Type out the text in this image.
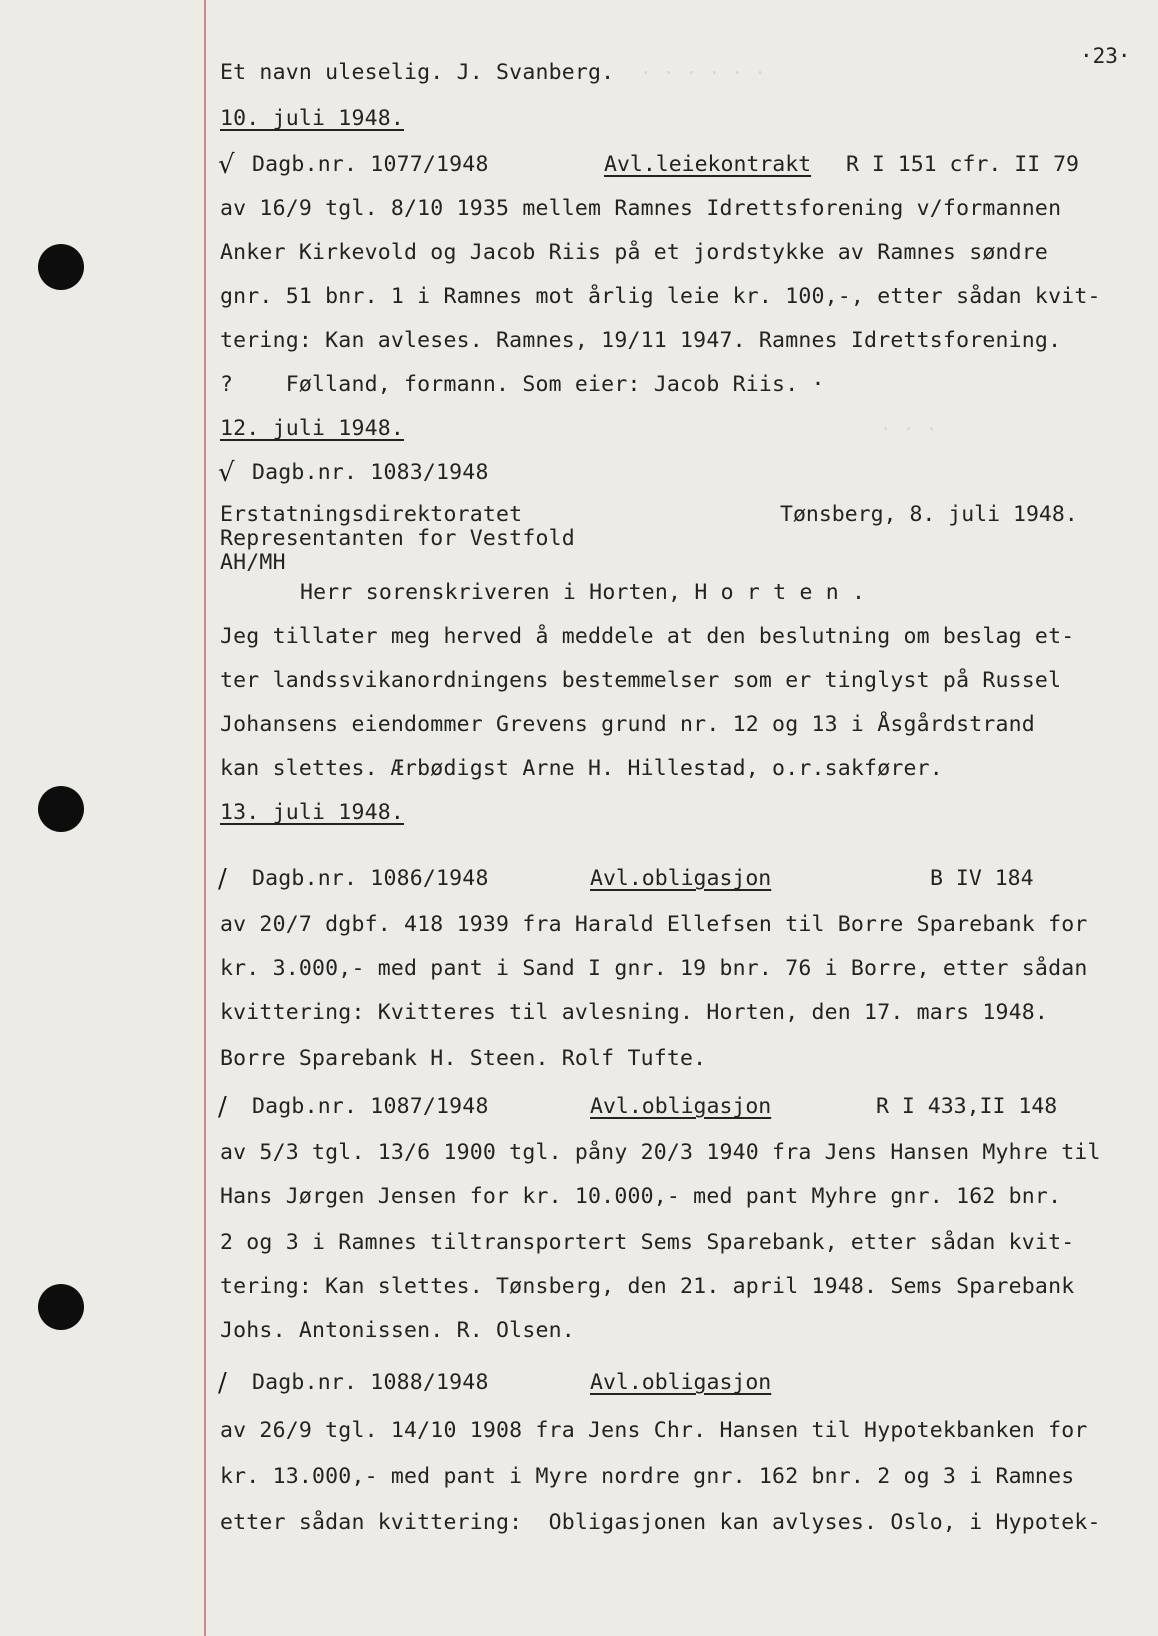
· · · · · ·
· · ·
·23·
Et navn uleselig. J. Svanberg.
10. juli 1948.
√ Dagb.nr. 1077/1948	Avl.leiekontrakt R I 151 cfr. II 79
av 16/9 tgl. 8/10 1935 mellem Ramnes Idrettsforening v/formannen
Anker Kirkevold og Jacob Riis på et jordstykke av Ramnes søndre
gnr. 51 bnr. 1 i Ramnes mot årlig leie kr. 100,-, etter sådan kvit-
tering: Kan avleses. Ramnes, 19/11 1947. Ramnes Idrettsforening.
?    Følland, formann. Som eier: Jacob Riis. ·
12. juli 1948.
√ Dagb.nr. 1083/1948
Erstatningsdirektoratet	Tønsberg, 8. juli 1948.
Representanten for Vestfold
AH/MH
Herr sorenskriveren i Horten, H o r t e n .
Jeg tillater meg herved å meddele at den beslutning om beslag et-
ter landssvikanordningens bestemmelser som er tinglyst på Russel
Johansens eiendommer Grevens grund nr. 12 og 13 i Åsgårdstrand
kan slettes. Ærbødigst Arne H. Hillestad, o.r.sakfører.
13. juli 1948.
/ Dagb.nr. 1086/1948	Avl.obligasjon	B IV 184
av 20/7 dgbf. 418 1939 fra Harald Ellefsen til Borre Sparebank for
kr. 3.000,- med pant i Sand I gnr. 19 bnr. 76 i Borre, etter sådan
kvittering: Kvitteres til avlesning. Horten, den 17. mars 1948.
Borre Sparebank H. Steen. Rolf Tufte.
/ Dagb.nr. 1087/1948	Avl.obligasjon	R I 433,II 148
av 5/3 tgl. 13/6 1900 tgl. påny 20/3 1940 fra Jens Hansen Myhre til
Hans Jørgen Jensen for kr. 10.000,- med pant Myhre gnr. 162 bnr.
2 og 3 i Ramnes tiltransportert Sems Sparebank, etter sådan kvit-
tering: Kan slettes. Tønsberg, den 21. april 1948. Sems Sparebank
Johs. Antonissen. R. Olsen.
/ Dagb.nr. 1088/1948	Avl.obligasjon
av 26/9 tgl. 14/10 1908 fra Jens Chr. Hansen til Hypotekbanken for
kr. 13.000,- med pant i Myre nordre gnr. 162 bnr. 2 og 3 i Ramnes
etter sådan kvittering:  Obligasjonen kan avlyses. Oslo, i Hypotek-
